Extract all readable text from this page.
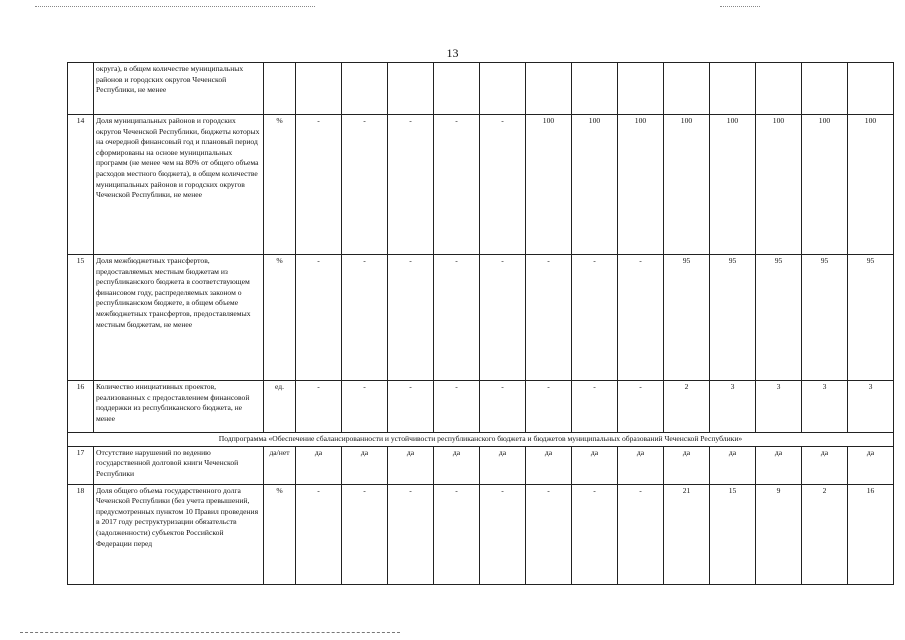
13
	округа), в общем количестве муниципальных районов и городских округов Чеченской Республики, не менее														
14	Доля муниципальных районов и городских округов Чеченской Республики, бюджеты которых на очередной финансовый год и плановый период сформированы на основе муниципальных программ (не менее чем на 80% от общего объема расходов местного бюджета), в общем количестве муниципальных районов и городских округов Чеченской Республики, не менее	%	-	-	-	-	-	100	100	100	100	100	100	100	100
15	Доля межбюджетных трансфертов, предоставляемых местным бюджетам из республиканского бюджета в соответствующем финансовом году, распределяемых законом о республиканском бюджете, в общем объеме межбюджетных трансфертов, предоставляемых местным бюджетам, не менее	%	-	-	-	-	-	-	-	-	95	95	95	95	95
16	Количество инициативных проектов, реализованных с предоставлением финансовой поддержки из республиканского бюджета, не менее	ед.	-	-	-	-	-	-	-	-	2	3	3	3	3
Подпрограмма «Обеспечение сбалансированности и устойчивости республиканского бюджета и бюджетов муниципальных образований Чеченской Республики»															
17	Отсутствие нарушений по ведению государственной долговой книги Чеченской Республики	да/нет	да	да	да	да	да	да	да	да	да	да	да	да	да
18	Доля общего объема государственного долга Чеченской Республики (без учета превышений, предусмотренных пунктом 10 Правил проведения в 2017 году реструктуризации обязательств (задолженности) субъектов Российской Федерации перед	%	-	-	-	-	-	-	-	-	21	15	9	2	16
